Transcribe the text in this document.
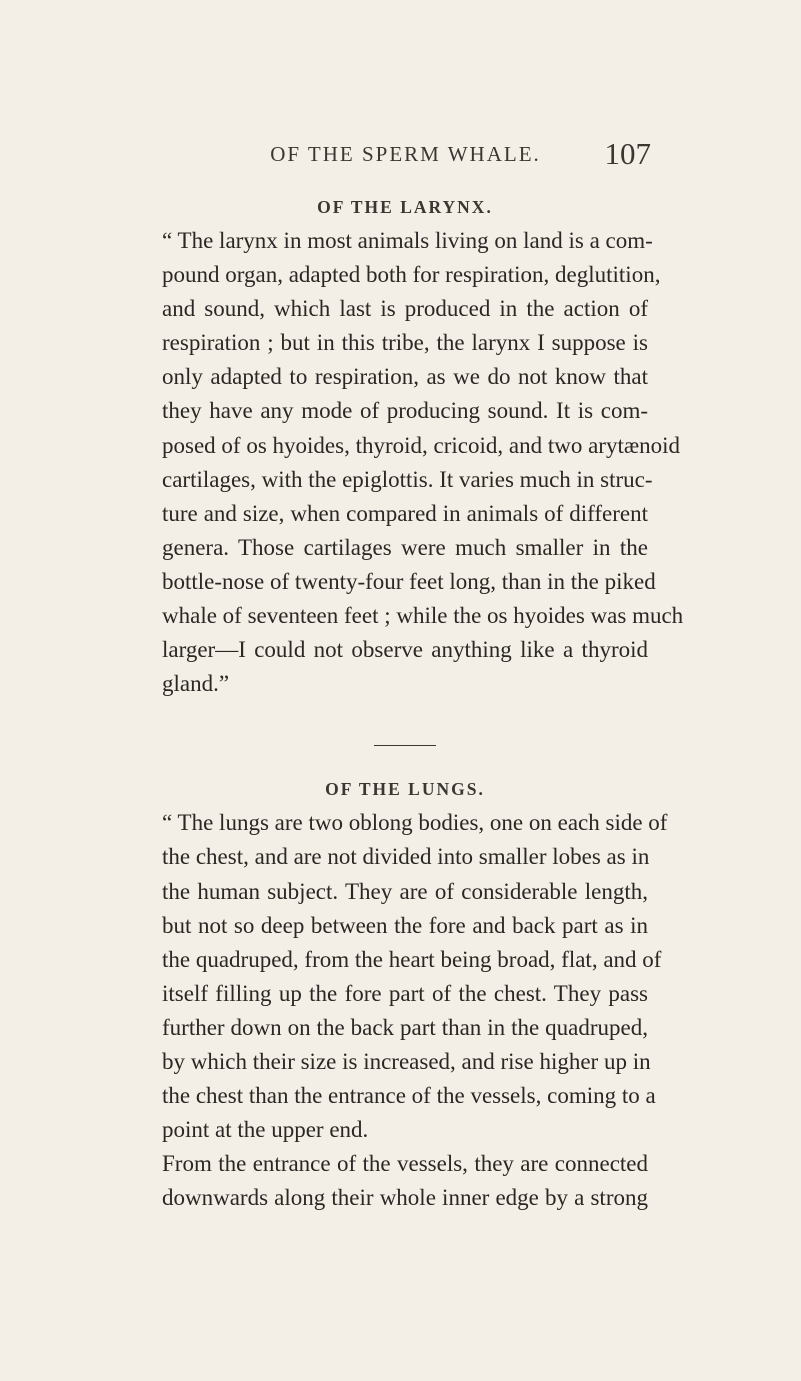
OF THE SPERM WHALE.	107
OF THE LARYNX.
“ The larynx in most animals living on land is a com-
pound organ, adapted both for respiration, deglutition,
and sound, which last is produced in the action of
respiration ; but in this tribe, the larynx I suppose is
only adapted to respiration, as we do not know that
they have any mode of producing sound. It is com-
posed of os hyoides, thyroid, cricoid, and two arytænoid
cartilages, with the epiglottis. It varies much in struc-
ture and size, when compared in animals of different
genera. Those cartilages were much smaller in the
bottle-nose of twenty-four feet long, than in the piked
whale of seventeen feet ; while the os hyoides was much
larger—I could not observe anything like a thyroid
gland.”
OF THE LUNGS.
“ The lungs are two oblong bodies, one on each side of
the chest, and are not divided into smaller lobes as in
the human subject. They are of considerable length,
but not so deep between the fore and back part as in
the quadruped, from the heart being broad, flat, and of
itself filling up the fore part of the chest. They pass
further down on the back part than in the quadruped,
by which their size is increased, and rise higher up in
the chest than the entrance of the vessels, coming to a
point at the upper end.
From the entrance of the vessels, they are connected
downwards along their whole inner edge by a strong
